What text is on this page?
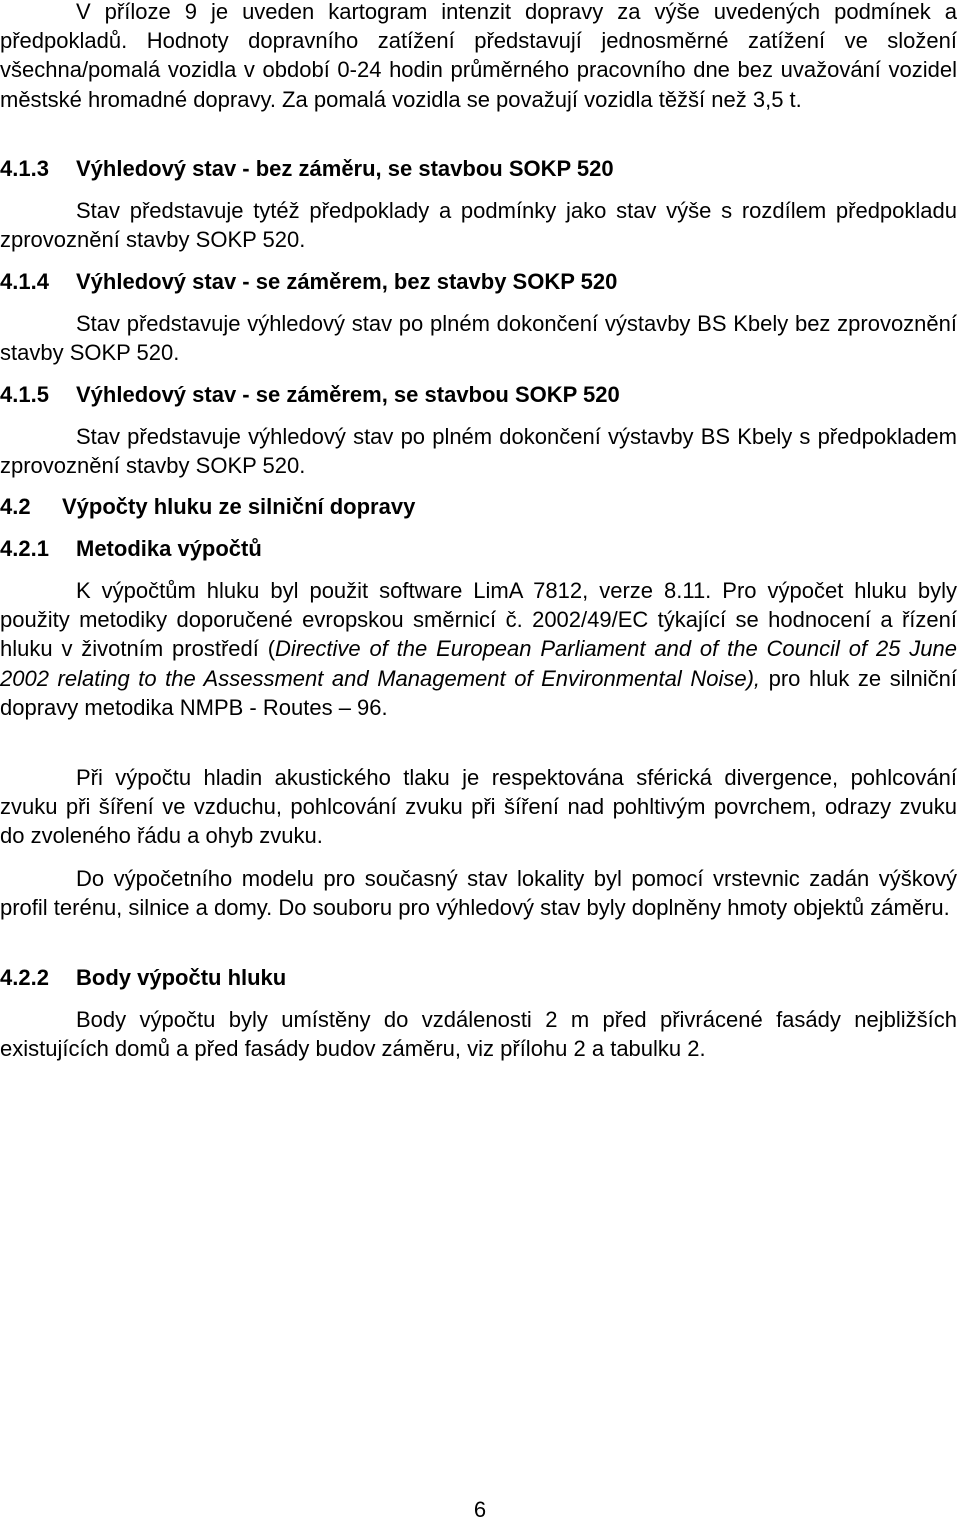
V příloze 9 je uveden kartogram intenzit dopravy za výše uvedených podmínek a předpokladů. Hodnoty dopravního zatížení představují jednosměrné zatížení ve složení všechna/pomalá vozidla v období 0-24 hodin průměrného pracovního dne bez uvažování vozidel městské hromadné dopravy. Za pomalá vozidla se považují vozidla těžší než 3,5 t.

4.1.3 Výhledový stav - bez záměru, se stavbou SOKP 520

Stav představuje tytéž předpoklady a podmínky jako stav výše s rozdílem předpokladu zprovoznění stavby SOKP 520.

4.1.4 Výhledový stav - se záměrem, bez stavby SOKP 520

Stav představuje výhledový stav po plném dokončení výstavby BS Kbely bez zprovoznění stavby SOKP 520.

4.1.5 Výhledový stav - se záměrem, se stavbou SOKP 520

Stav představuje výhledový stav po plném dokončení výstavby BS Kbely s předpokladem zprovoznění stavby SOKP 520.

4.2 Výpočty hluku ze silniční dopravy
4.2.1 Metodika výpočtů

K výpočtům hluku byl použit software LimA 7812, verze 8.11. Pro výpočet hluku byly použity metodiky doporučené evropskou směrnicí č. 2002/49/EC týkající se hodnocení a řízení hluku v životním prostředí (Directive of the European Parliament and of the Council of 25 June 2002 relating to the Assessment and Management of Environmental Noise), pro hluk ze silniční dopravy metodika NMPB - Routes – 96.

Při výpočtu hladin akustického tlaku je respektována sférická divergence, pohlcování zvuku při šíření ve vzduchu, pohlcování zvuku při šíření nad pohltivým povrchem, odrazy zvuku do zvoleného řádu a ohyb zvuku.

Do výpočetního modelu pro současný stav lokality byl pomocí vrstevnic zadán výškový profil terénu, silnice a domy. Do souboru pro výhledový stav byly doplněny hmoty objektů záměru.

4.2.2 Body výpočtu hluku

Body výpočtu byly umístěny do vzdálenosti 2 m před přivrácené fasády nejbližších existujících domů a před fasády budov záměru, viz přílohu 2 a tabulku 2.

6
